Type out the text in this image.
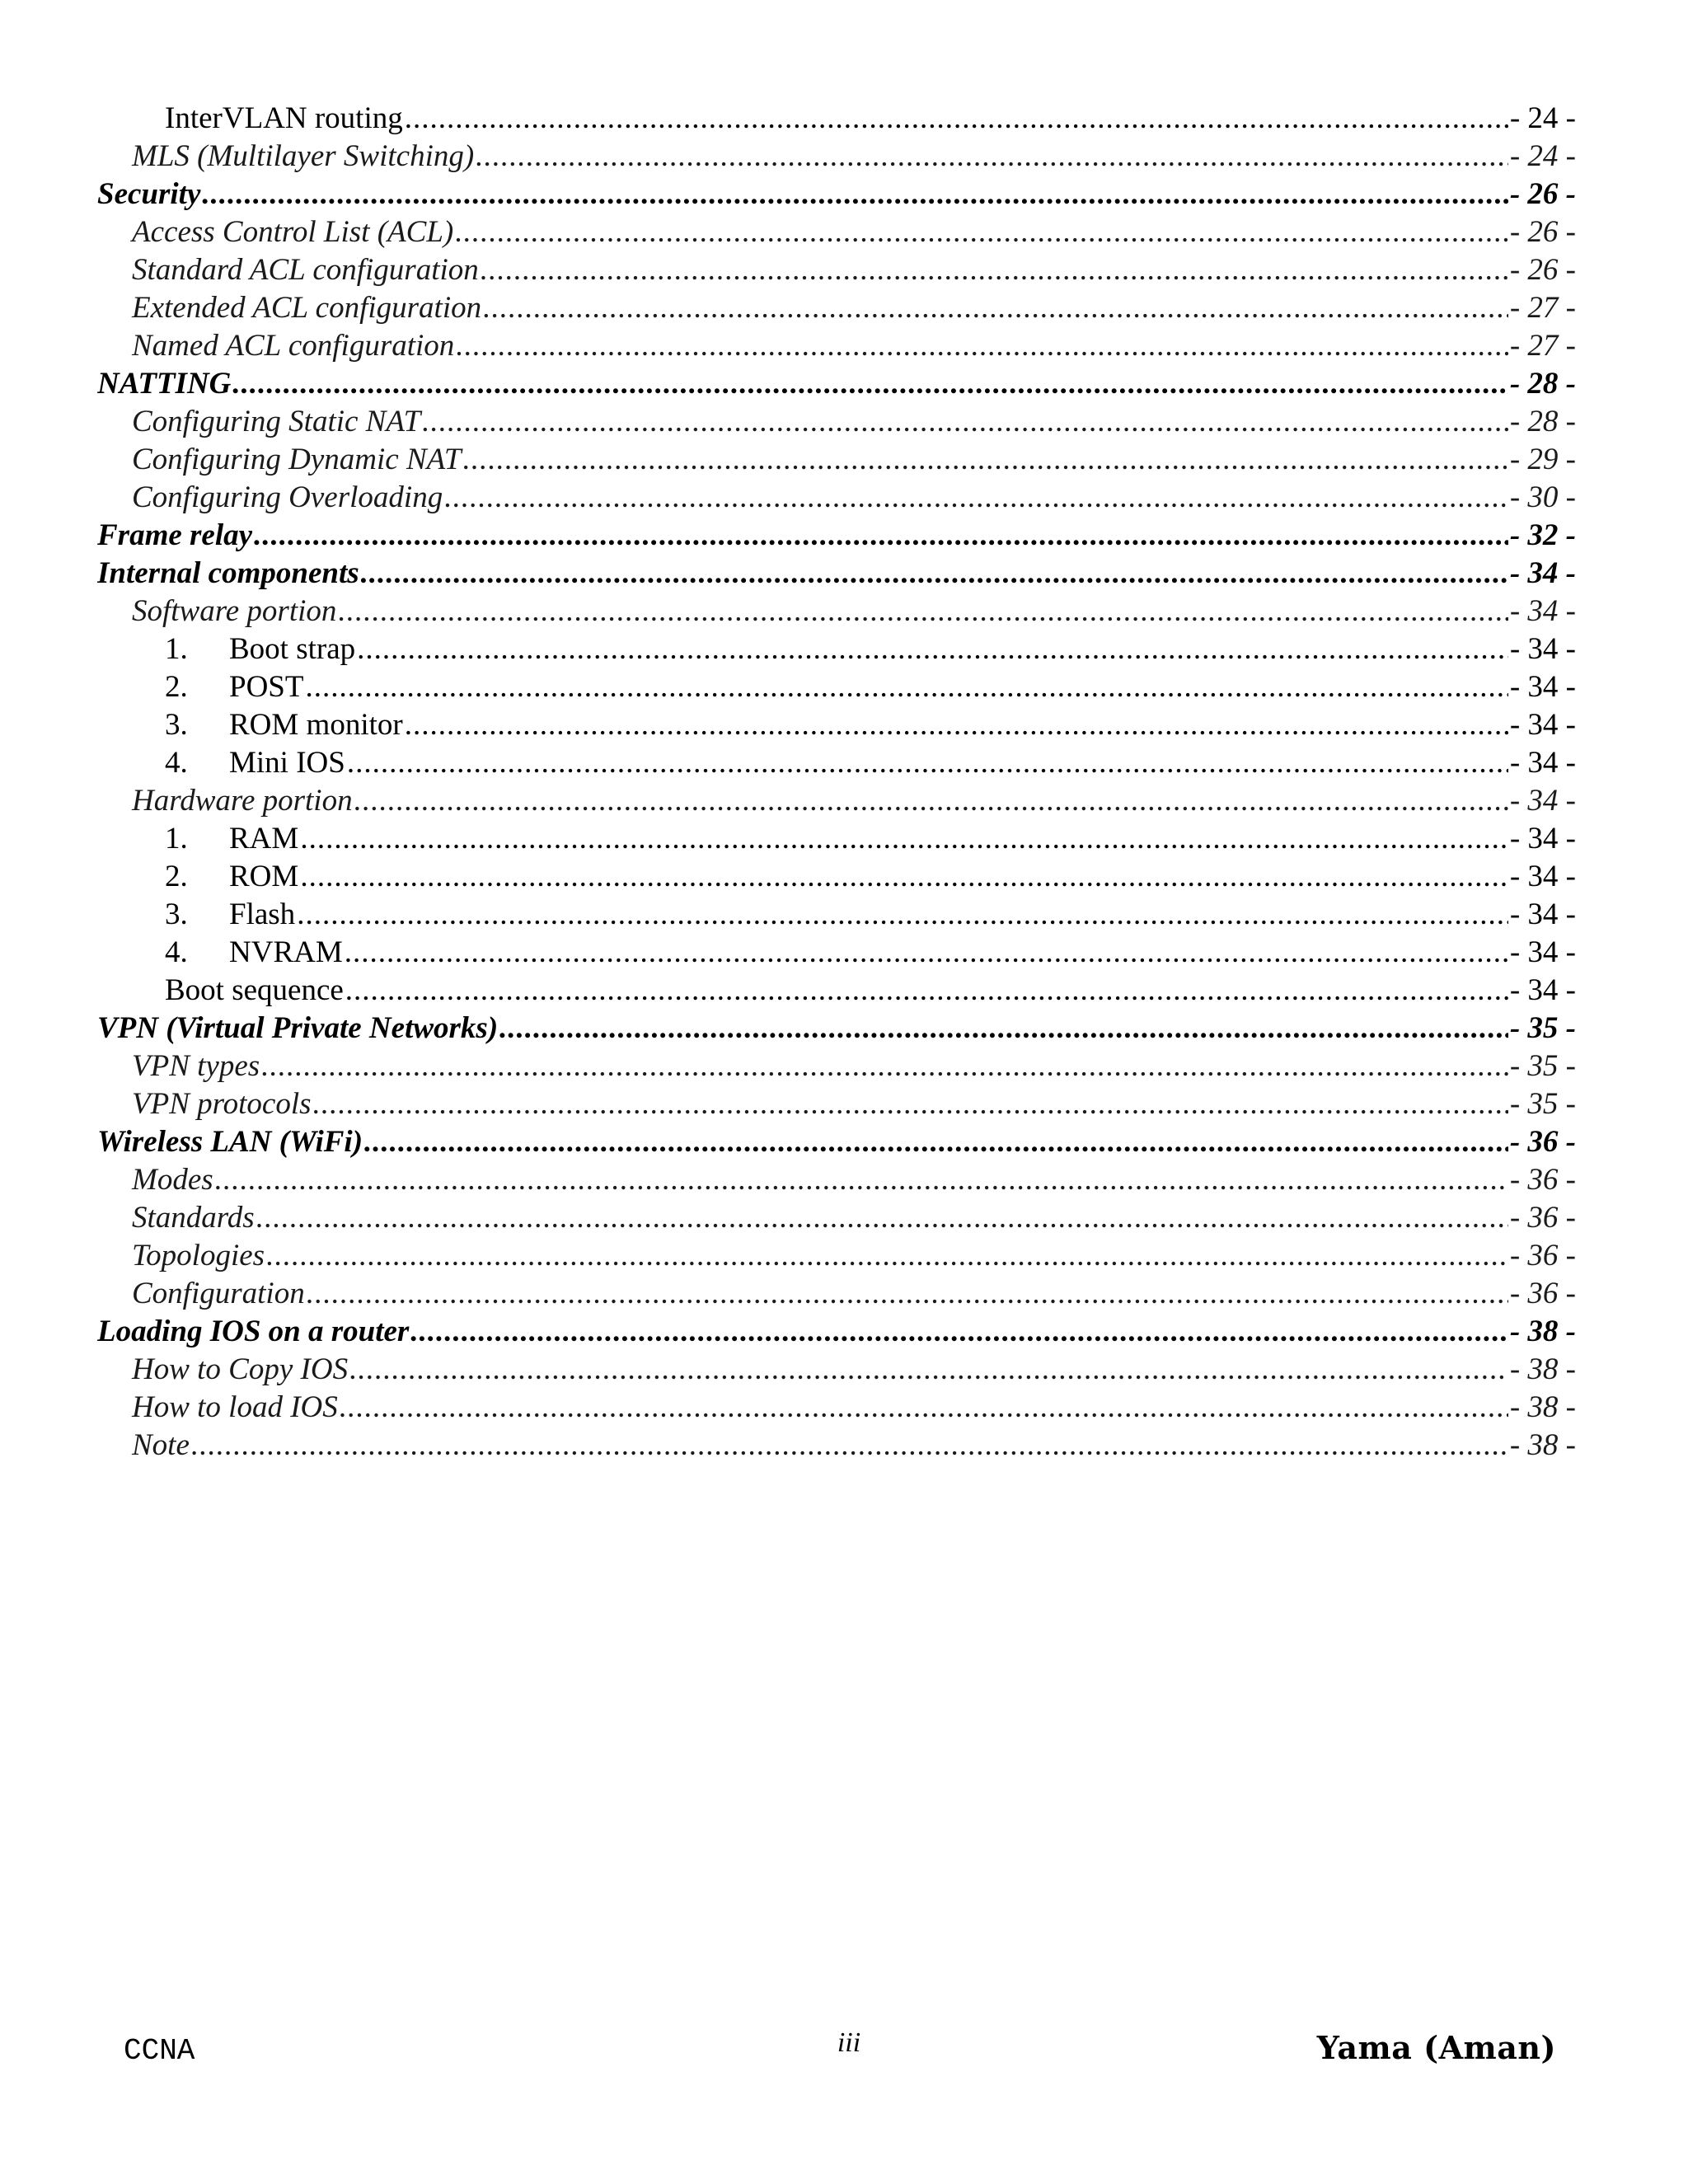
InterVLAN routing .....	- 24 -
MLS (Multilayer Switching) .....	- 24 -
Security .....	- 26 -
Access Control List (ACL) .....	- 26 -
Standard ACL configuration .....	- 26 -
Extended ACL configuration .....	- 27 -
Named ACL configuration .....	- 27 -
NATTING .....	- 28 -
Configuring Static NAT .....	- 28 -
Configuring Dynamic NAT .....	- 29 -
Configuring Overloading .....	- 30 -
Frame relay .....	- 32 -
Internal components .....	- 34 -
Software portion .....	- 34 -
1.	Boot strap .....	- 34 -
2.	POST .....	- 34 -
3.	ROM monitor .....	- 34 -
4.	Mini IOS .....	- 34 -
Hardware portion .....	- 34 -
1.	RAM .....	- 34 -
2.	ROM .....	- 34 -
3.	Flash .....	- 34 -
4.	NVRAM .....	- 34 -
Boot sequence .....	- 34 -
VPN (Virtual Private Networks) .....	- 35 -
VPN types .....	- 35 -
VPN protocols .....	- 35 -
Wireless LAN (WiFi) .....	- 36 -
Modes .....	- 36 -
Standards .....	- 36 -
Topologies .....	- 36 -
Configuration .....	- 36 -
Loading IOS on a router .....	- 38 -
How to Copy IOS .....	- 38 -
How to load IOS .....	- 38 -
Note .....	- 38 -
CCNA	iii	Yama (Aman)
